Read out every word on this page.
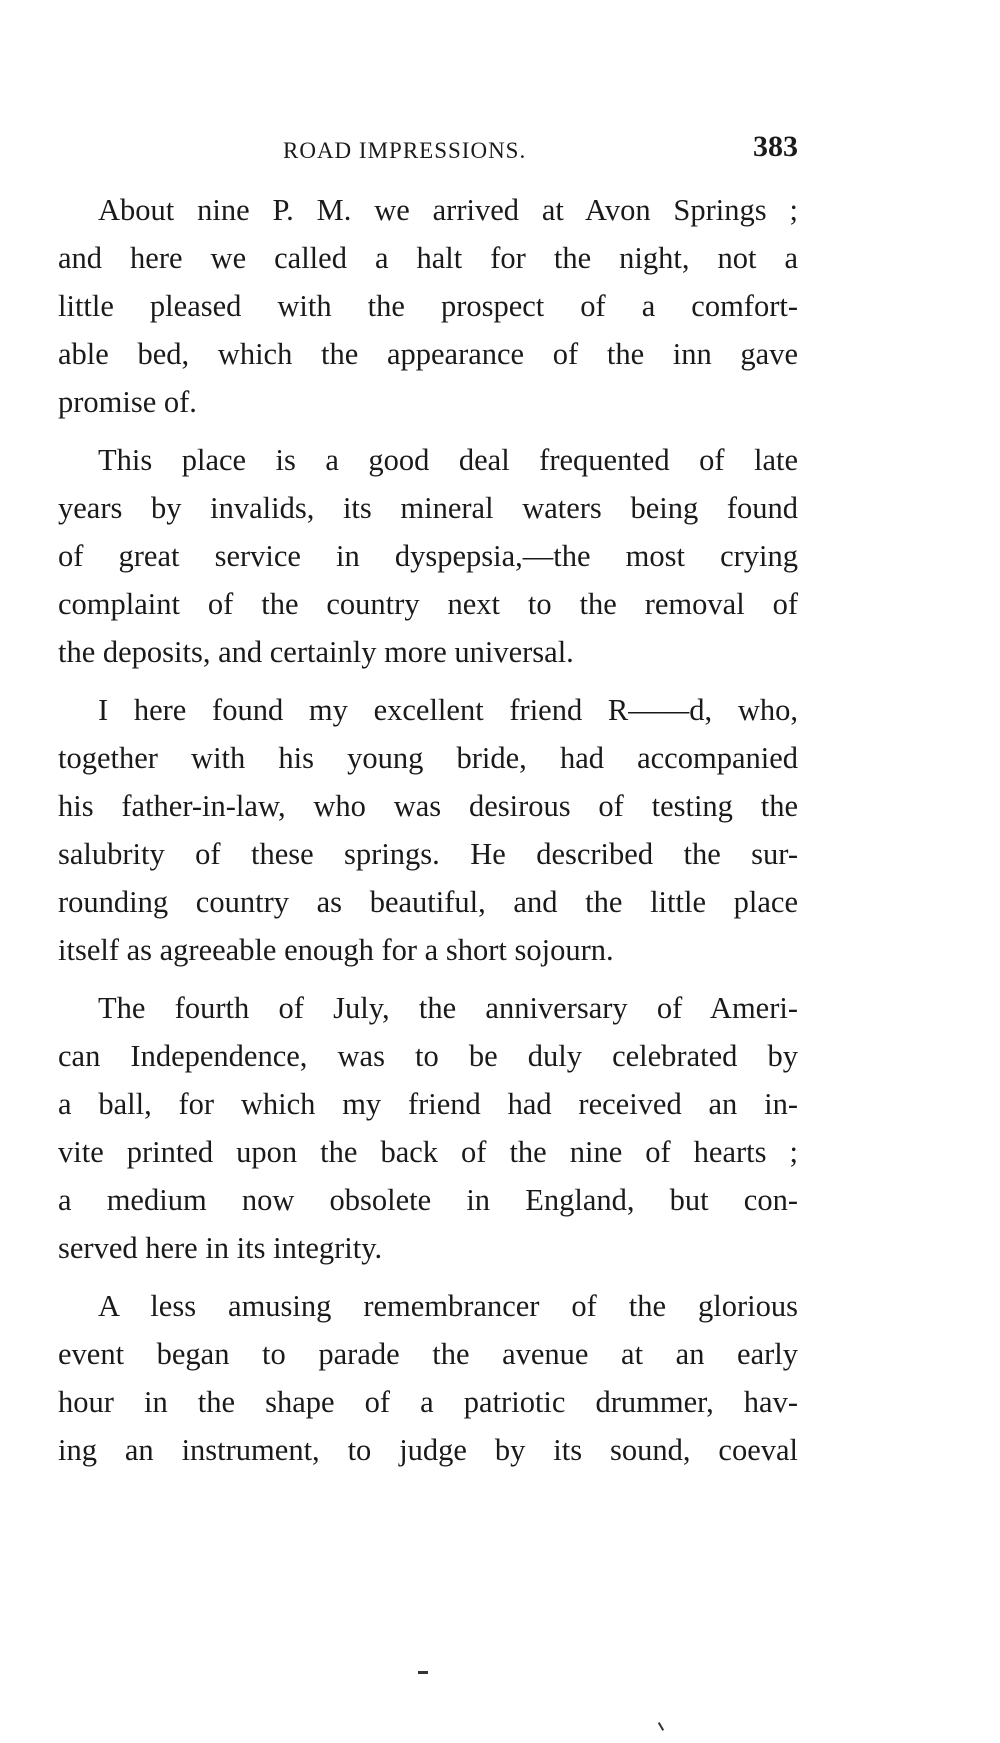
ROAD IMPRESSIONS.	383
About nine P. M. we arrived at Avon Springs ;
and here we called a halt for the night, not a
little pleased with the prospect of a comfort-
able bed, which the appearance of the inn gave
promise of.
This place is a good deal frequented of late
years by invalids, its mineral waters being found
of great service in dyspepsia,—the most crying
complaint of the country next to the removal of
the deposits, and certainly more universal.
I here found my excellent friend R——d, who,
together with his young bride, had accompanied
his father-in-law, who was desirous of testing the
salubrity of these springs. He described the sur-
rounding country as beautiful, and the little place
itself as agreeable enough for a short sojourn.
The fourth of July, the anniversary of Ameri-
can Independence, was to be duly celebrated by
a ball, for which my friend had received an in-
vite printed upon the back of the nine of hearts ;
a medium now obsolete in England, but con-
served here in its integrity.
A less amusing remembrancer of the glorious
event began to parade the avenue at an early
hour in the shape of a patriotic drummer, hav-
ing an instrument, to judge by its sound, coeval
